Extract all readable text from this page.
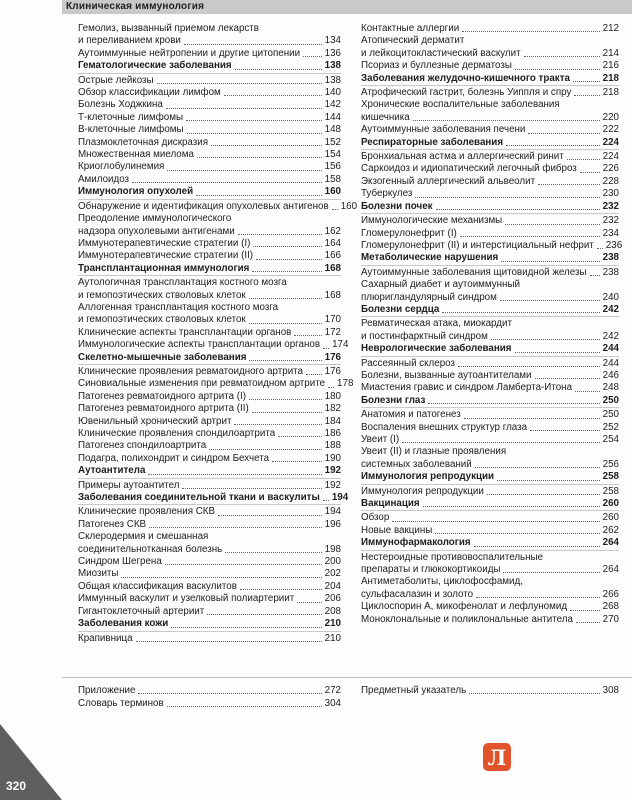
Клиническая иммунология
Гемолиз, вызванный приемом лекарств
и переливанием крови	134
Аутоиммунные нейтропении и другие цитопении	136
Гематологические заболевания	138
Острые лейкозы	138
Обзор классификации лимфом	140
Болезнь Ходжкина	142
Т-клеточные лимфомы	144
В-клеточные лимфомы	148
Плазмоклеточная дискразия	152
Множественная миелома	154
Криоглобулинемия	156
Амилоидоз	158
Иммунология опухолей	160
Обнаружение и идентификация опухолевых антигенов 160
Преодоление иммунологического
надзора опухолевыми антигенами	162
Иммунотерапевтические стратегии (I)	164
Иммунотерапевтические стратегии (II)	166
Трансплантационная иммунология	168
Аутологичная трансплантация костного мозга
и гемопоэтических стволовых клеток	168
Аллогенная трансплантация костного мозга
и гемопоэтических стволовых клеток	170
Клинические аспекты трансплантации органов	172
Иммунологические аспекты трансплантации органов 174
Скелетно-мышечные заболевания	176
Клинические проявления ревматоидного артрита 176
Синовиальные изменения при ревматоидном артрите 178
Патогенез ревматоидного артрита (I)	180
Патогенез ревматоидного артрита (II)	182
Ювенильный хронический артрит	184
Клинические проявления спондилоартрита	186
Патогенез спондилоартрита	188
Подагра, полихондрит и синдром Бехчета	190
Аутоантитела	192
Примеры аутоантител	192
Заболевания соединительной ткани и васкулиты 194
Клинические проявления СКВ	194
Патогенез СКВ	196
Склеродермия и смешанная
соединительнотканная болезнь	198
Синдром Шегрена	200
Миозиты	202
Общая классификация васкулитов	204
Иммунный васкулит и узелковый полиартериит	206
Гигантоклеточный артериит	208
Заболевания кожи	210
Крапивница	210
Контактные аллергии	212
Атопический дерматит
и лейкоцитокластический васкулит	214
Псориаз и буллезные дерматозы	216
Заболевания желудочно-кишечного тракта	218
Атрофический гастрит, болезнь Уиппля и спру	218
Хронические воспалительные заболевания
кишечника	220
Аутоиммунные заболевания печени	222
Респираторные заболевания	224
Бронхиальная астма и аллергический ринит	224
Саркоидоз и идиопатический легочный фиброз	226
Экзогенный аллергический альвеолит	228
Туберкулез	230
Болезни почек	232
Иммунологические механизмы	232
Гломерулонефрит (I)	234
Гломерулонефрит (II) и интерстициальный нефрит 236
Метаболические нарушения	238
Аутоиммунные заболевания щитовидной железы 238
Сахарный диабет и аутоиммунный
плюригландулярный синдром	240
Болезни сердца	242
Ревматическая атака, миокардит
и постинфарктный синдром	242
Неврологические заболевания	244
Рассеянный склероз	244
Болезни, вызванные аутоантителами	246
Миастения гравис и синдром Ламберта-Итона	248
Болезни глаз	250
Анатомия и патогенез	250
Воспаления внешних структур глаза	252
Увеит (I)	254
Увеит (II) и глазные проявления
системных заболеваний	256
Иммунология репродукции	258
Иммунология репродукции	258
Вакцинация	260
Обзор	260
Новые вакцины	262
Иммунофармакология	264
Нестероидные противовоспалительные
препараты и глюкокортикоиды	264
Антиметаболиты, циклофосфамид,
сульфасалазин и золото	266
Циклоспорин А, микофенолат и лефлуномид	268
Моноклональные и поликлональные антитела	270
Приложение	272
Словарь терминов	304
Предметный указатель	308
320
Л
